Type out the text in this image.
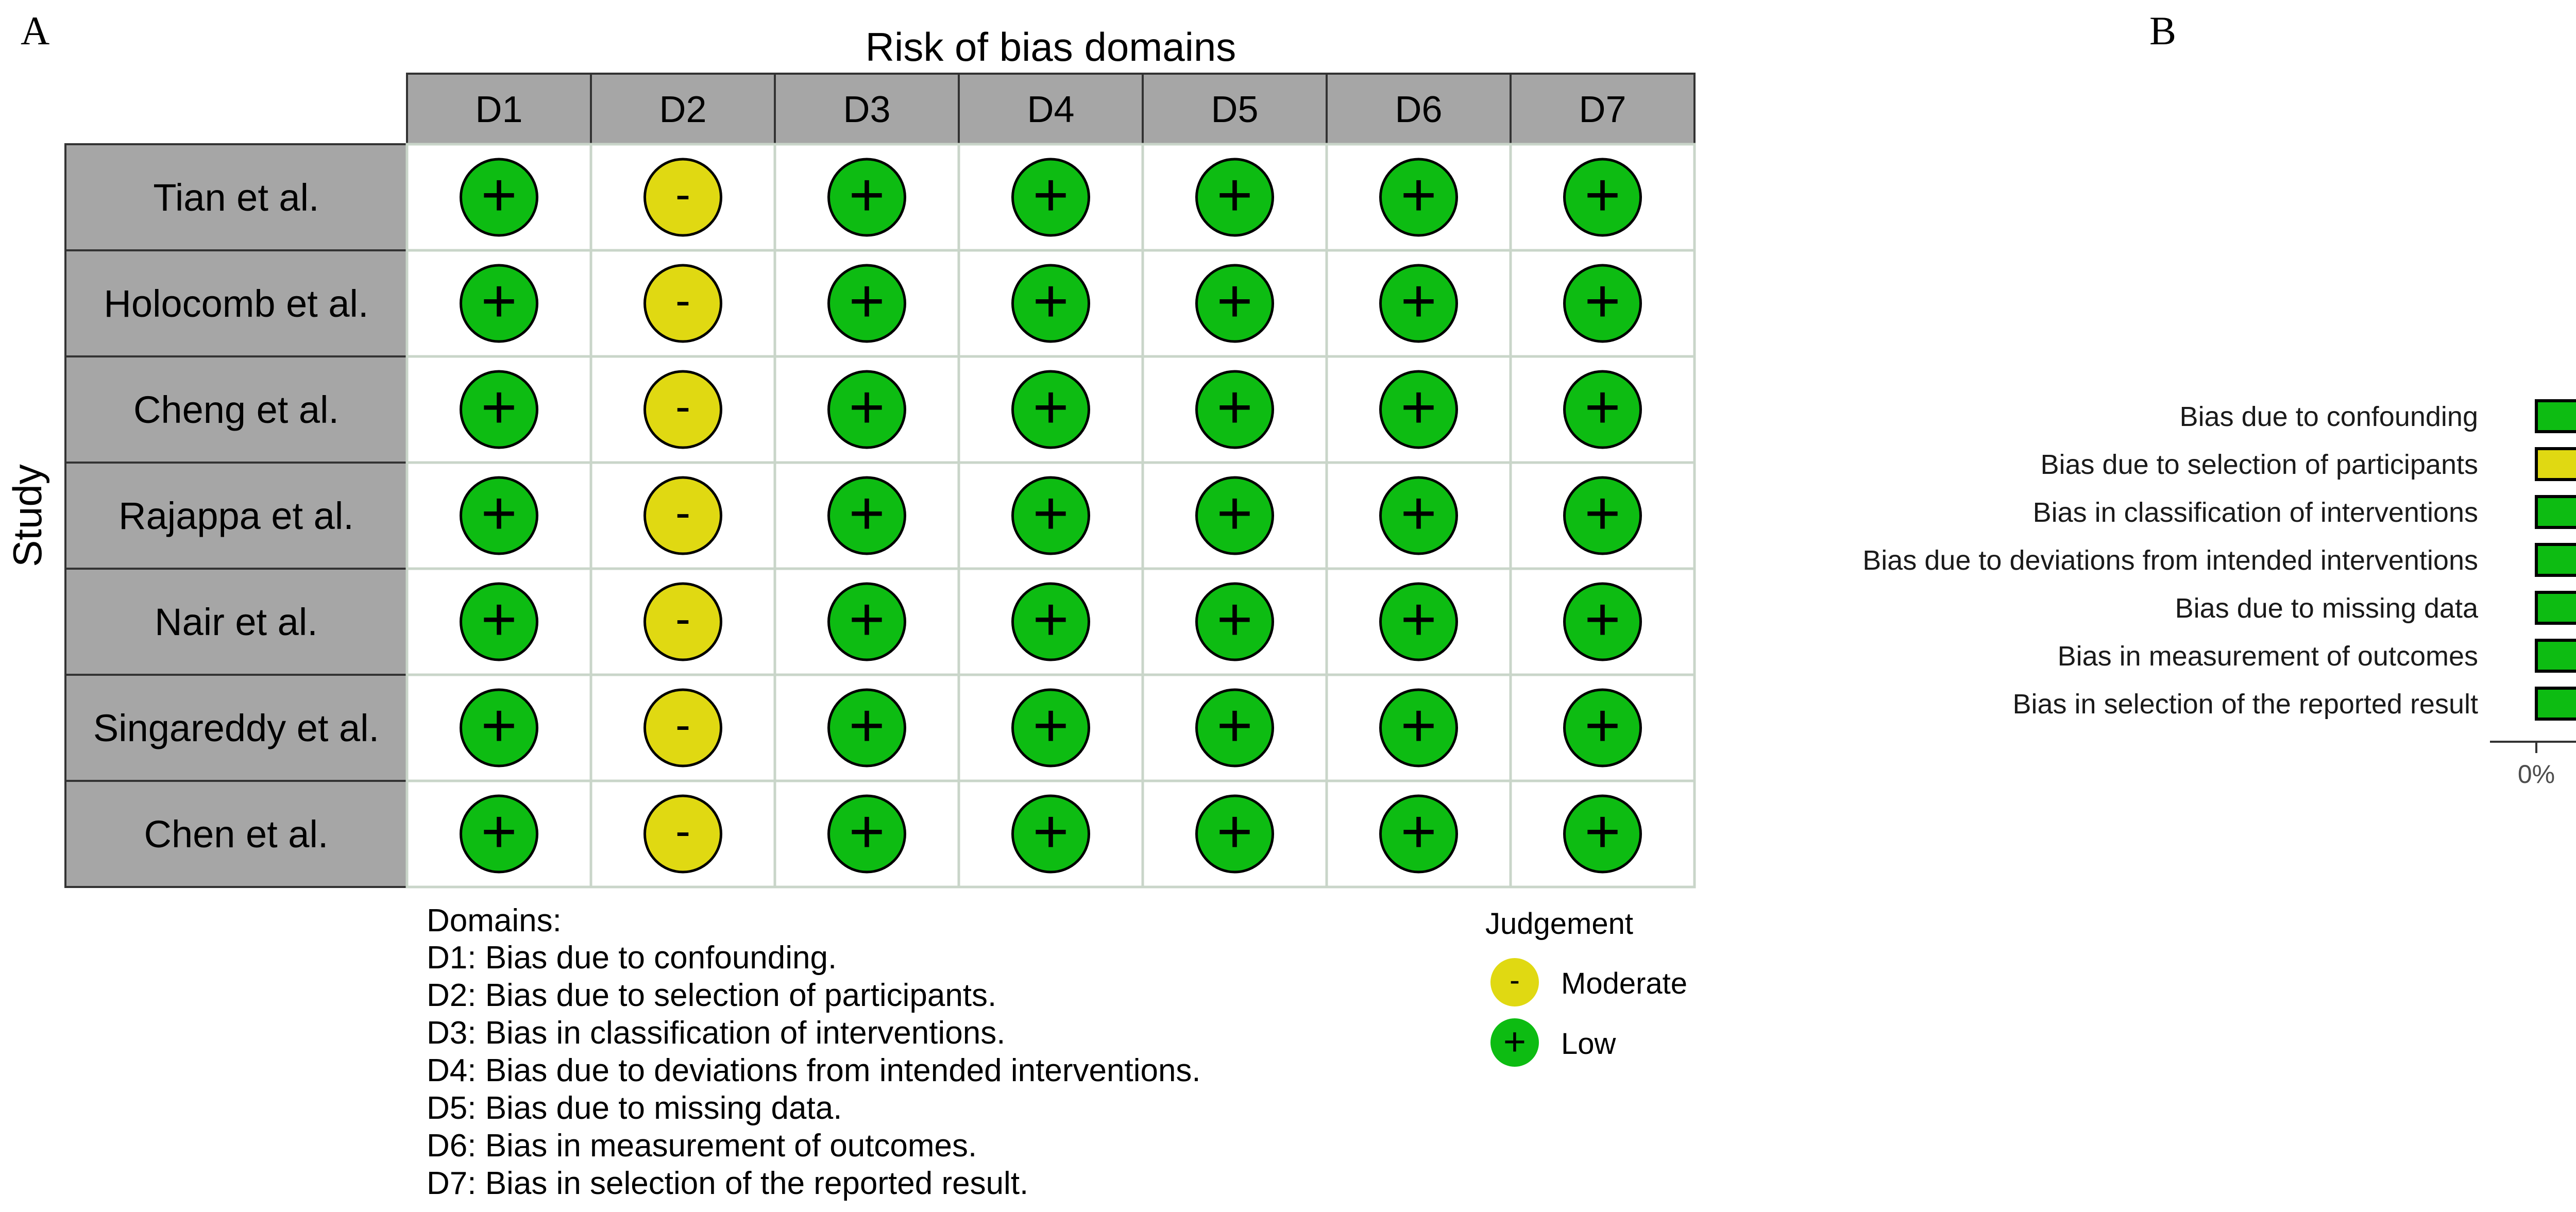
A	B
Risk of bias domains
D1	D2	D3	D4	D5	D6	D7
Study
Tian et al.	+	-	+ + + + +
Holocomb et al. +	-	+ + + + +
Cheng et al. +	-	+ + + + +
Rajappa et al. +	-	+ + + + +
Nair et al.	+	-	+ + + + +
Singareddy et al. +	-	+ + + + +
Chen et al. +	-	+ + + + +
Domains:
D1: Bias due to confounding.
D2: Bias due to selection of participants.
D3: Bias in classification of interventions.
D4: Bias due to deviations from intended interventions.
D5: Bias due to missing data.
D6: Bias in measurement of outcomes.
D7: Bias in selection of the reported result.
Judgement
- Moderate
+ Low
Bias due to confounding
Bias due to selection of participants
Bias in classification of interventions
Bias due to deviations from intended interventions
Bias due to missing data
Bias in measurement of outcomes
Bias in selection of the reported result
0%
